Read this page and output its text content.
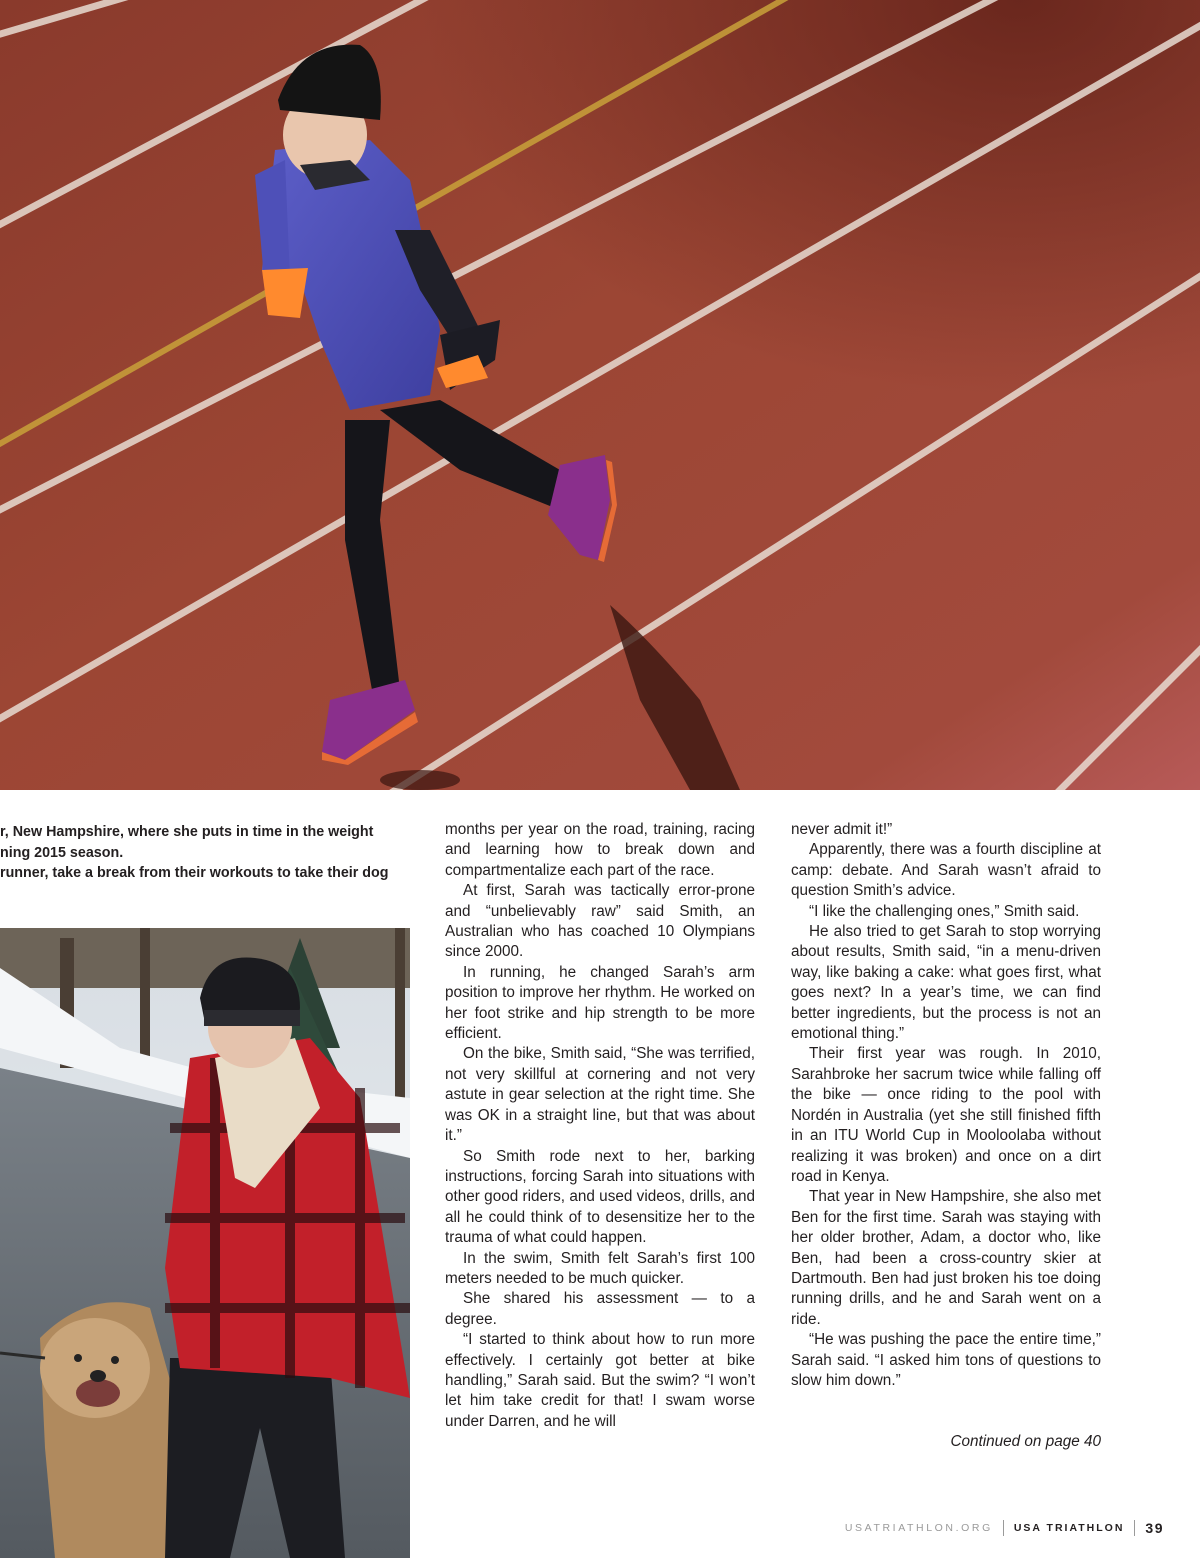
r, New Hampshire, where she puts in time in the weight

ning 2015 season.

runner, take a break from their workouts to take their dog

months per year on the road, training, racing and learning how to break down and compartmentalize each part of the race.

At first, Sarah was tactically error-prone and “unbelievably raw” said Smith, an Australian who has coached 10 Olympians since 2000.

In running, he changed Sarah’s arm position to improve her rhythm. He worked on her foot strike and hip strength to be more efficient.

On the bike, Smith said, “She was terrified, not very skillful at cornering and not very astute in gear selection at the right time. She was OK in a straight line, but that was about it.”

So Smith rode next to her, barking instructions, forcing Sarah into situations with other good riders, and used videos, drills, and all he could think of to desensitize her to the trauma of what could happen.

In the swim, Smith felt Sarah’s first 100 meters needed to be much quicker.

She shared his assessment — to a degree.

“I started to think about how to run more effectively. I certainly got better at bike handling,” Sarah said. But the swim? “I won’t let him take credit for that! I swam worse under Darren, and he will

never admit it!”

Apparently, there was a fourth discipline at camp: debate. And Sarah wasn’t afraid to question Smith’s advice.

“I like the challenging ones,” Smith said.

He also tried to get Sarah to stop worrying about results, Smith said, “in a menu-driven way, like baking a cake: what goes first, what goes next? In a year’s time, we can find better ingredients, but the process is not an emotional thing.”

Their first year was rough. In 2010, Sarahbroke her sacrum twice while falling off the bike — once riding to the pool with Nordén in Australia (yet she still finished fifth in an ITU World Cup in Mooloolaba without realizing it was broken) and once on a dirt road in Kenya.

That year in New Hampshire, she also met Ben for the first time. Sarah was staying with her older brother, Adam, a doctor who, like Ben, had been a cross-country skier at Dartmouth. Ben had just broken his toe doing running drills, and he and Sarah went on a ride.

“He was pushing the pace the entire time,” Sarah said. “I asked him tons of questions to slow him down.”

Continued on page 40
USATRIATHLON.ORG USA TRIATHLON 39
